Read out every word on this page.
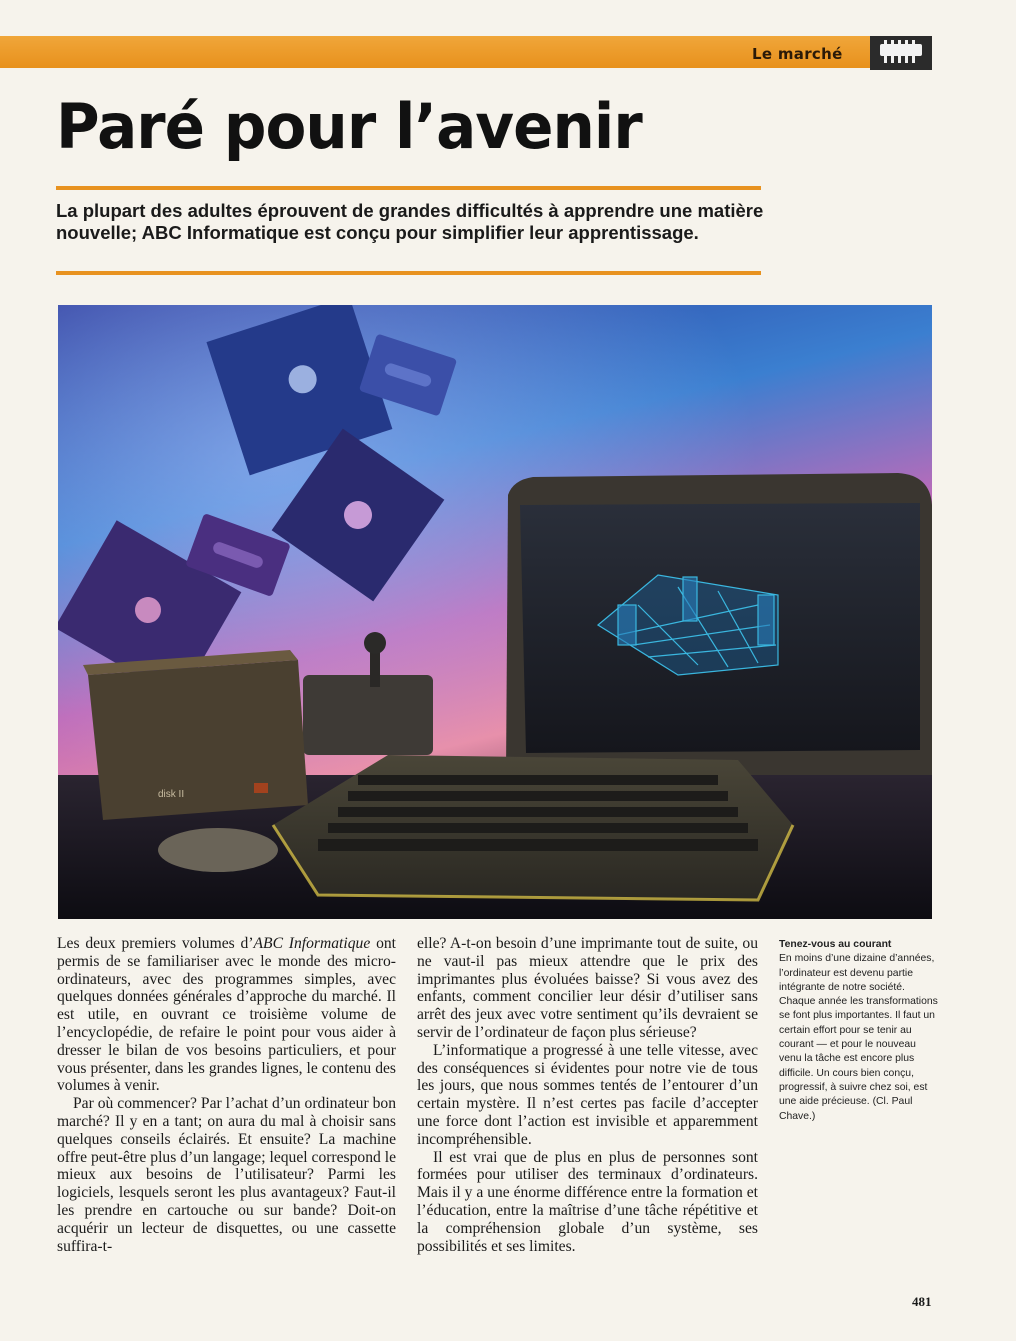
Le marché
Paré pour l’avenir

La plupart des adultes éprouvent de grandes difficultés à apprendre une matière nouvelle; ABC Informatique est conçu pour simplifier leur apprentissage.

disk II

Les deux premiers volumes d’ABC Informatique ont permis de se familiariser avec le monde des micro-ordinateurs, avec des programmes simples, avec quelques données générales d’approche du marché. Il est utile, en ouvrant ce troisième volume de l’encyclopédie, de refaire le point pour vous aider à dresser le bilan de vos besoins particuliers, et pour vous présenter, dans les grandes lignes, le contenu des volumes à venir.

Par où commencer? Par l’achat d’un ordinateur bon marché? Il y en a tant; on aura du mal à choisir sans quelques conseils éclairés. Et ensuite? La machine offre peut-être plus d’un langage; lequel correspond le mieux aux besoins de l’utilisateur? Parmi les logiciels, lesquels seront les plus avantageux? Faut-il les prendre en cartouche ou sur bande? Doit-on acquérir un lecteur de disquettes, ou une cassette suffira-t-

elle? A-t-on besoin d’une imprimante tout de suite, ou ne vaut-il pas mieux attendre que le prix des imprimantes plus évoluées baisse? Si vous avez des enfants, comment concilier leur désir d’utiliser sans arrêt des jeux avec votre sentiment qu’ils devraient se servir de l’ordinateur de façon plus sérieuse?

L’informatique a progressé à une telle vitesse, avec des conséquences si évidentes pour notre vie de tous les jours, que nous sommes tentés de l’entourer d’un certain mystère. Il n’est certes pas facile d’accepter une force dont l’action est invisible et apparemment incompréhensible.

Il est vrai que de plus en plus de personnes sont formées pour utiliser des terminaux d’ordinateurs. Mais il y a une énorme différence entre la formation et l’éducation, entre la maîtrise d’une tâche répétitive et la compréhension globale d’un système, ses possibilités et ses limites.

Tenez-vous au courant
En moins d’une dizaine d’années, l’ordinateur est devenu partie intégrante de notre société. Chaque année les transformations se font plus importantes. Il faut un certain effort pour se tenir au courant — et pour le nouveau venu la tâche est encore plus difficile. Un cours bien conçu, progressif, à suivre chez soi, est une aide précieuse. (Cl. Paul Chave.)
481
